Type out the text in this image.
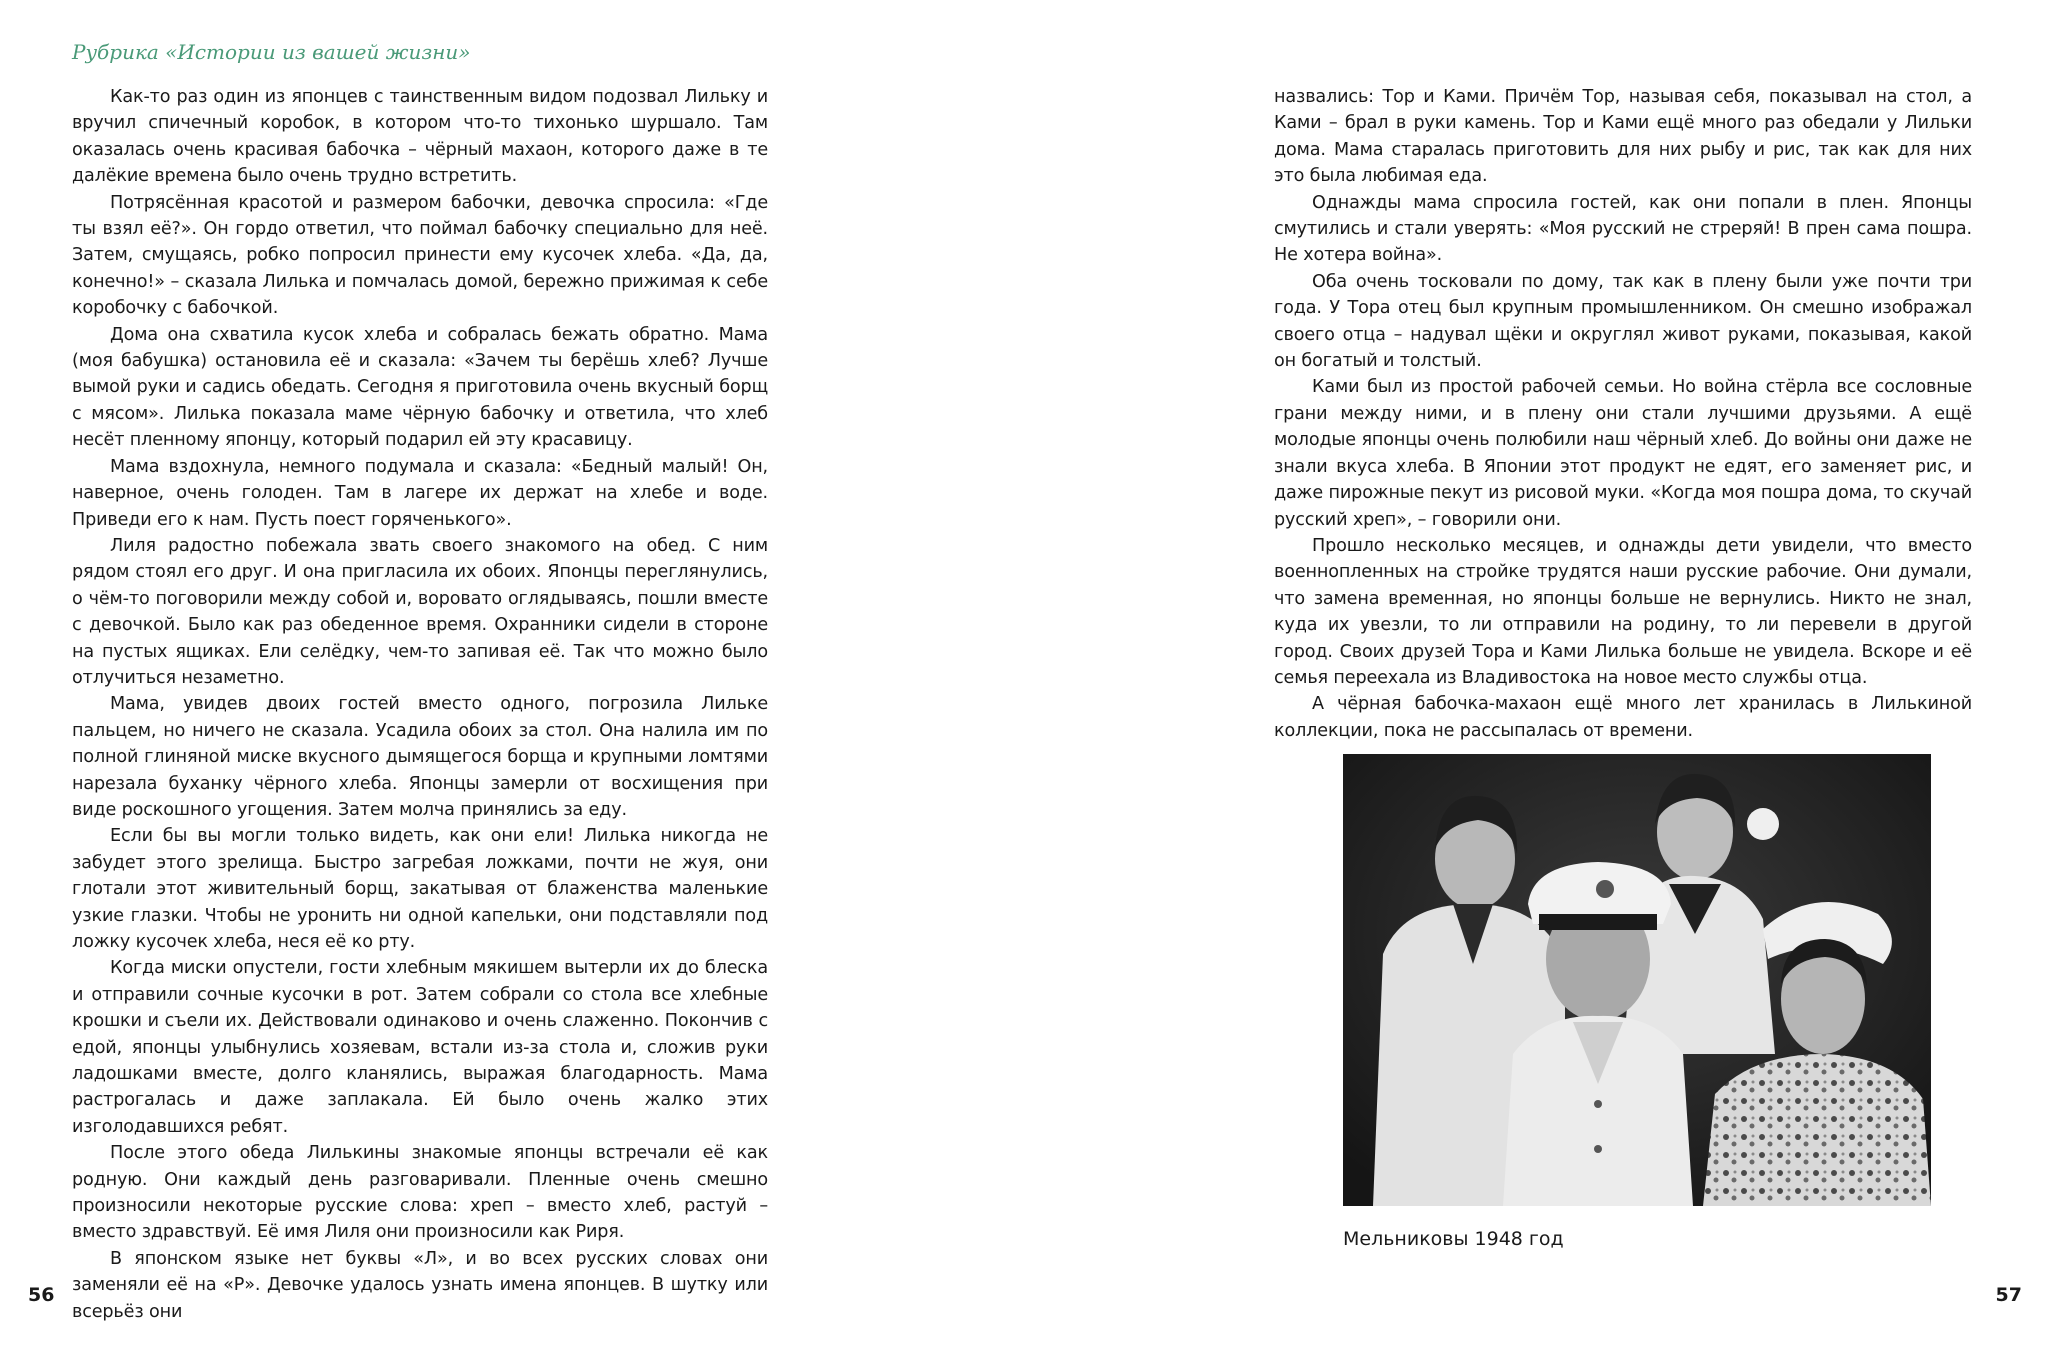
Рубрика «Истории из вашей жизни»

Как-то раз один из японцев с таинственным видом подозвал Лильку и вручил спичечный коробок, в котором что-то тихонько шуршало. Там оказалась очень красивая бабочка – чёрный махаон, которого даже в те далёкие времена было очень трудно встретить.

Потрясённая красотой и размером бабочки, девочка спросила: «Где ты взял её?». Он гордо ответил, что поймал бабочку специально для неё. Затем, смущаясь, робко попросил принести ему кусочек хлеба. «Да, да, конечно!» – сказала Лилька и помчалась домой, бережно прижимая к себе коробочку с бабочкой.

Дома она схватила кусок хлеба и собралась бежать обратно. Мама (моя бабушка) остановила её и сказала: «Зачем ты берёшь хлеб? Лучше вымой руки и садись обедать. Сегодня я приготовила очень вкусный борщ с мясом». Лилька показала маме чёрную бабочку и ответила, что хлеб несёт пленному японцу, который подарил ей эту красавицу.

Мама вздохнула, немного подумала и сказала: «Бедный малый! Он, наверное, очень голоден. Там в лагере их держат на хлебе и воде. Приведи его к нам. Пусть поест горяченького».

Лиля радостно побежала звать своего знакомого на обед. С ним рядом стоял его друг. И она пригласила их обоих. Японцы переглянулись, о чём-то поговорили между собой и, воровато оглядываясь, пошли вместе с девочкой. Было как раз обеденное время. Охранники сидели в стороне на пустых ящиках. Ели селёдку, чем-то запивая её. Так что можно было отлучиться незаметно.

Мама, увидев двоих гостей вместо одного, погрозила Лильке пальцем, но ничего не сказала. Усадила обоих за стол. Она налила им по полной глиняной миске вкусного дымящегося борща и крупными ломтями нарезала буханку чёрного хлеба. Японцы замерли от восхищения при виде роскошного угощения. Затем молча принялись за еду.

Если бы вы могли только видеть, как они ели! Лилька никогда не забудет этого зрелища. Быстро загребая ложками, почти не жуя, они глотали этот живительный борщ, закатывая от блаженства маленькие узкие глазки. Чтобы не уронить ни одной капельки, они подставляли под ложку кусочек хлеба, неся её ко рту.

Когда миски опустели, гости хлебным мякишем вытерли их до блеска и отправили сочные кусочки в рот. Затем собрали со стола все хлебные крошки и съели их. Действовали одинаково и очень слаженно. Покончив с едой, японцы улыбнулись хозяевам, встали из-за стола и, сложив руки ладошками вместе, долго кланялись, выражая благодарность. Мама растрогалась и даже заплакала. Ей было очень жалко этих изголодавшихся ребят.

После этого обеда Лилькины знакомые японцы встречали её как родную. Они каждый день разговаривали. Пленные очень смешно произносили некоторые русские слова: хреп – вместо хлеб, растуй – вместо здравствуй. Её имя Лиля они произносили как Риря.

В японском языке нет буквы «Л», и во всех русских словах они заменяли её на «Р». Девочке удалось узнать имена японцев. В шутку или всерьёз они

назвались: Тор и Ками. Причём Тор, называя себя, показывал на стол, а Ками – брал в руки камень. Тор и Ками ещё много раз обедали у Лильки дома. Мама старалась приготовить для них рыбу и рис, так как для них это была любимая еда.

Однажды мама спросила гостей, как они попали в плен. Японцы смутились и стали уверять: «Моя русский не стреряй! В прен сама пошра. Не хотера война».

Оба очень тосковали по дому, так как в плену были уже почти три года. У Тора отец был крупным промышленником. Он смешно изображал своего отца – надувал щёки и округлял живот руками, показывая, какой он богатый и толстый.

Ками был из простой рабочей семьи. Но война стёрла все сословные грани между ними, и в плену они стали лучшими друзьями. А ещё молодые японцы очень полюбили наш чёрный хлеб. До войны они даже не знали вкуса хлеба. В Японии этот продукт не едят, его заменяет рис, и даже пирожные пекут из рисовой муки. «Когда моя пошра дома, то скучай русский хреп», – говорили они.

Прошло несколько месяцев, и однажды дети увидели, что вместо военнопленных на стройке трудятся наши русские рабочие. Они думали, что замена временная, но японцы больше не вернулись. Никто не знал, куда их увезли, то ли отправили на родину, то ли перевели в другой город. Своих друзей Тора и Ками Лилька больше не увидела. Вскоре и её семья переехала из Владивостока на новое место службы отца.

А чёрная бабочка-махаон ещё много лет хранилась в Лилькиной коллекции, пока не рассыпалась от времени.

Мельниковы 1948 год
56	57
